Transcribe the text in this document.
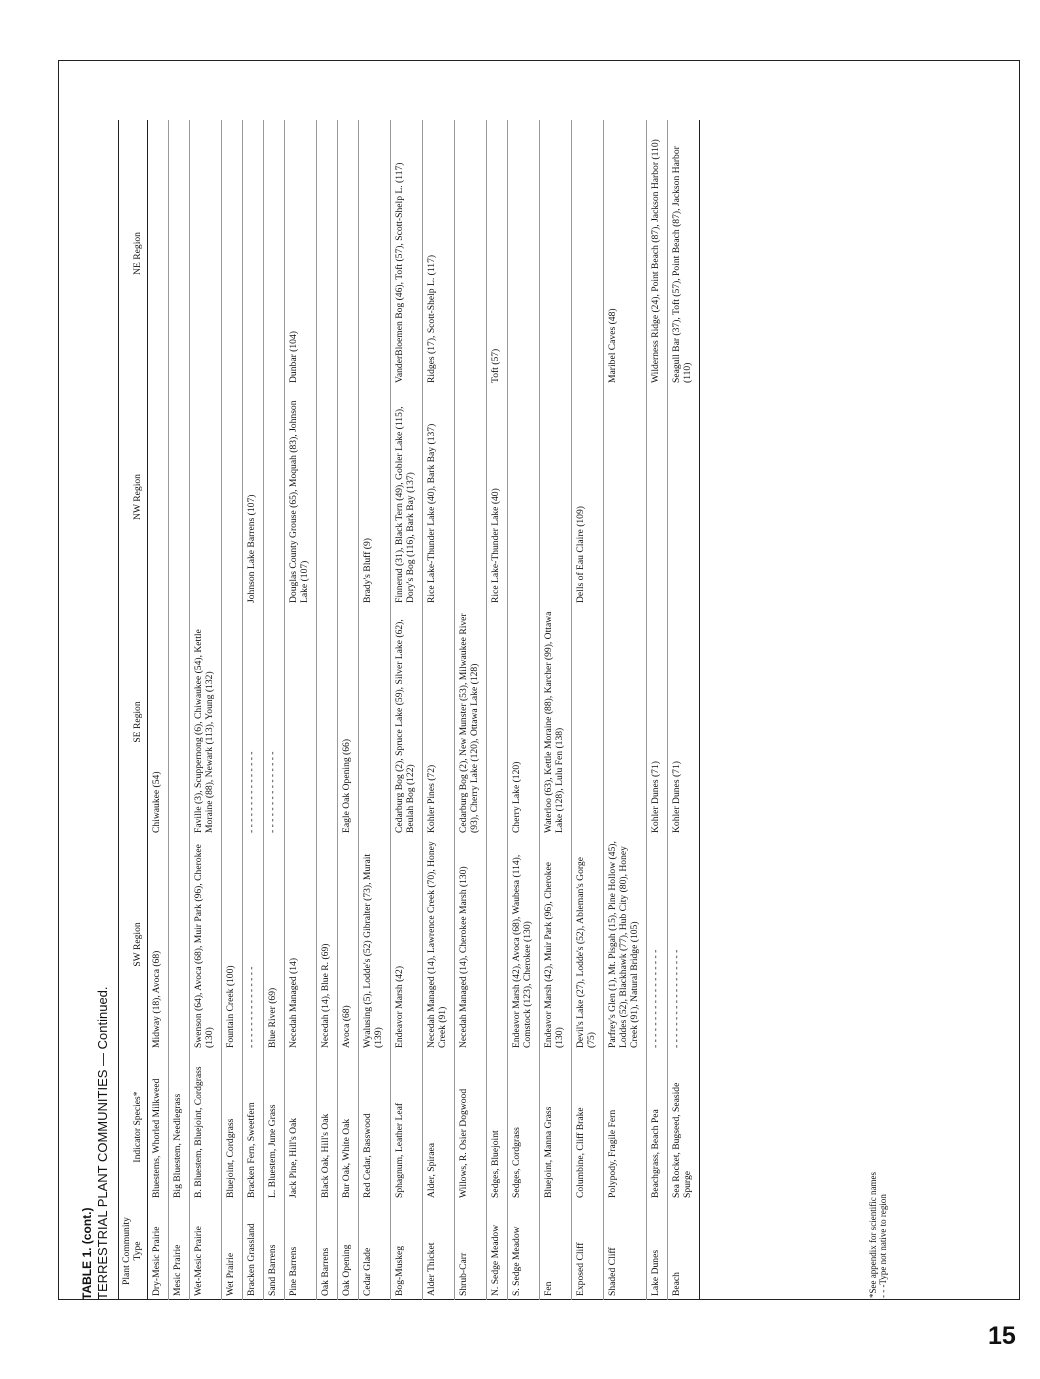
TABLE 1. (cont.) TERRESTRIAL PLANT COMMUNITIES — Continued. Plant Community
Type	Indicator Species*	SW Region	SE Region	NW Region	NE Region
Dry-Mesic Prairie	Bluestems, Whorled Milkweed	Midway (18), Avoca (68)	Chiwaukee (54)		
Mesic Prairie	Big Bluestem, Needlegrass				
Wet-Mesic Prairie	B. Bluestem, Bluejoint, Cordgrass	Swenson (64), Avoca (68), Muir Park (96), Cherokee (130)	Faville (3), Scuppernong (6), Chiwaukee (54), Kettle Moraine (88), Newark (113), Young (132)		
Wet Prairie	Bluejoint, Cordgrass	Fountain Creek (100)			
Bracken Grassland	Bracken Fern, Sweetfern	- - - - - - - - - - - - - - -	- - - - - - - - - - - - - - -	Johnson Lake Barrens (107)	
Sand Barrens	L. Bluestem, June Grass	Blue River (69)	- - - - - - - - - - - - - - -		
Pine Barrens	Jack Pine, Hill's Oak	Necedah Managed (14)		Douglas County Grouse (65), Moquah (83), Johnson Lake (107)	Dunbar (104)
Oak Barrens	Black Oak, Hill's Oak	Necedah (14), Blue R. (69)			
Oak Opening	Bur Oak, White Oak	Avoca (68)	Eagle Oak Opening (66)		
Cedar Glade	Red Cedar, Basswood	Wyalusing (5), Lodde's (52) Gibralter (73), Murait (139)		Brady's Bluff (9)	
Bog-Muskeg	Sphagnum, Leather Leaf	Endeavor Marsh (42)	Cedarburg Bog (2), Spruce Lake (59), Silver Lake (62), Beulah Bog (122)	Finnerud (31), Black Tern (49), Gobler Lake (115), Dory's Bog (116), Bark Bay (137)	VanderBloemen Bog (46), Toft (57), Scott-Shelp L. (117)
Alder Thicket	Alder, Spiraea	Necedah Managed (14), Lawrence Creek (70), Honey Creek (91)	Kohler Pines (72)	Rice Lake-Thunder Lake (40), Bark Bay (137)	Ridges (17), Scott-Shelp L. (117)
Shrub-Carr	Willows, R. Osier Dogwood	Necedah Managed (14), Cherokee Marsh (130)	Cedarburg Bog (2), New Munster (53), Milwaukee River (93), Cherry Lake (120), Ottawa Lake (128)		
N. Sedge Meadow	Sedges, Bluejoint			Rice Lake-Thunder Lake (40)	Toft (57)
S. Sedge Meadow	Sedges, Cordgrass	Endeavor Marsh (42), Avoca (68), Waubesa (114), Comstock (123), Cherokee (130)	Cherry Lake (120)		
Fen	Bluejoint, Manna Grass	Endeavor Marsh (42), Muir Park (96), Cherokee (130)	Waterloo (63), Kettle Moraine (88), Karcher (99), Ottawa Lake (128), Lulu Fen (138)		
Exposed Cliff	Columbine, Cliff Brake	Devil's Lake (27), Lodde's (52), Ableman's Gorge (75)		Dells of Eau Claire (109)	
Shaded Cliff	Polypody, Fragile Fern	Parfrey's Glen (1), Mt. Pisgah (15), Pine Hollow (45), Loddes (52), Blackhawk (77), Hub City (80), Honey Creek (91), Natural Bridge (105)			Maribel Caves (48)
Lake Dunes	Beachgrass, Beach Pea	- - - - - - - - - - - - - - - - - -	Kohler Dunes (71)		Wilderness Ridge (24), Point Beach (87), Jackson Harbor (110)
Beach	Sea Rocket, Bugseed, Seaside Spurge	- - - - - - - - - - - - - - - - - -	Kohler Dunes (71)		Seagull Bar (37), Toft (57), Point Beach (87), Jackson Harbor (110)
*See appendix for scientific names - - -Type not native to region
15
